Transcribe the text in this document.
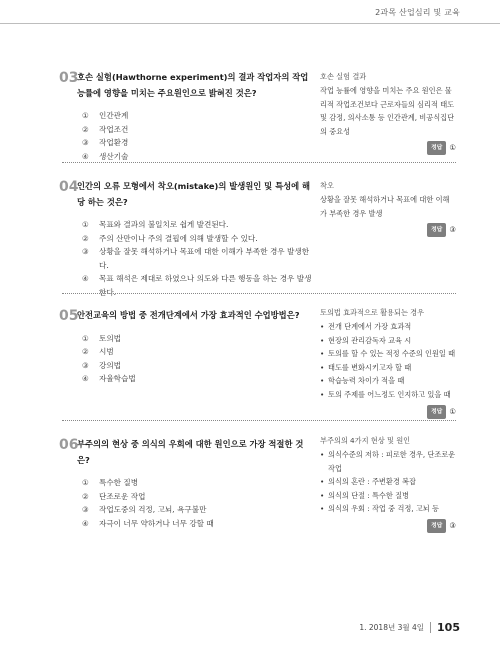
2과목 산업심리 및 교육
03
호손 실험(Hawthorne experiment)의 결과 작업자의 작업능률에 영향을 미치는 주요원인으로 밝혀진 것은?
①	인간관계
②	작업조건
③	작업환경
④	생산기술
호손 실험 결과
작업 능률에 영향을 미치는 주요 원인은 물리적 작업조건보다 근로자들의 심리적 태도 및 감정, 의사소통 등 인간관계, 비공식집단의 중요성
정답 ①
04
인간의 오류 모형에서 착오(mistake)의 발생원인 및 특성에 해당 하는 것은?
①	목표와 결과의 불일치로 쉽게 발견된다.
②	주의 산만이나 주의 결핍에 의해 발생할 수 있다.
③	상황을 잘못 해석하거나 목표에 대한 이해가 부족한 경우 발생한다.
④	목표 해석은 제대로 하였으나 의도와 다른 행동을 하는 경우 발생한다.
착오
상황을 잘못 해석하거나 목표에 대한 이해가 부족한 경우 발생
정답 ③
05
안전교육의 방법 중 전개단계에서 가장 효과적인 수업방법은?
①	토의법
②	시범
③	강의법
④	자율학습법
토의법 효과적으로 활용되는 경우
• 전개 단계에서 가장 효과적
• 현장의 관리감독자 교육 시
• 토의를 할 수 있는 적정 수준의 인원일 때
• 태도를 변화시키고자 할 때
• 학습능력 차이가 적을 때
• 토의 주제를 어느정도 인지하고 있을 때
정답 ①
06
부주의의 현상 중 의식의 우회에 대한 원인으로 가장 적절한 것은?
①	특수한 질병
②	단조로운 작업
③	작업도중의 걱정, 고뇌, 욕구불만
④	자극이 너무 약하거나 너무 강할 때
부주의의 4가지 현상 및 원인
• 의식수준의 저하 : 피로한 경우, 단조로운 작업
• 의식의 혼란 : 주변환경 복잡
• 의식의 단절 : 특수한 질병
• 의식의 우회 : 작업 중 걱정, 고뇌 등
정답 ③
1. 2018년 3월 4일 105
